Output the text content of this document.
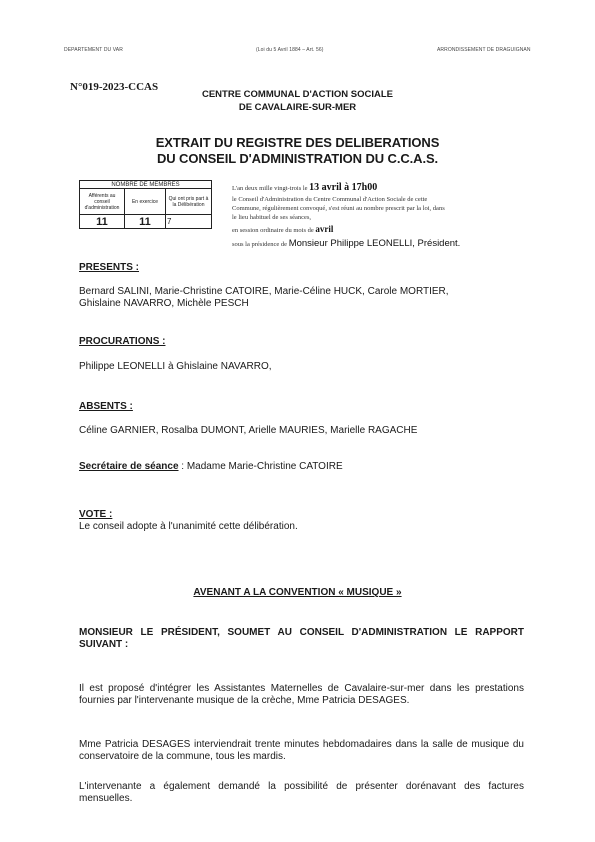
DEPARTEMENT DU VAR	(Loi du 5 Avril 1884 – Art. 56)	ARRONDISSEMENT DE DRAGUIGNAN
N°019-2023-CCAS
CENTRE COMMUNAL D'ACTION SOCIALE
DE CAVALAIRE-SUR-MER
EXTRAIT DU REGISTRE DES DELIBERATIONS
DU CONSEIL D'ADMINISTRATION DU C.C.A.S.
NOMBRE DE MEMBRES		
Afférents au conseil d'administration	En exercice	Qui ont pris part à la Délibération
11	11	7
L'an deux mille vingt-trois le 13 avril à 17h00
le Conseil d'Administration du Centre Communal d'Action Sociale de cette
Commune, régulièrement convoqué, s'est réuni au nombre prescrit par la loi, dans
le lieu habituel de ses séances,
en session ordinaire du mois de avril
sous la présidence de Monsieur Philippe LEONELLI, Président.
PRESENTS :
Bernard SALINI, Marie-Christine CATOIRE, Marie-Céline HUCK, Carole MORTIER,
Ghislaine NAVARRO, Michèle PESCH
PROCURATIONS :
Philippe LEONELLI à Ghislaine NAVARRO,
ABSENTS :
Céline GARNIER, Rosalba DUMONT, Arielle MAURIES, Marielle RAGACHE
Secrétaire de séance : Madame Marie-Christine CATOIRE
VOTE :
Le conseil adopte à l'unanimité cette délibération.
AVENANT A LA CONVENTION « MUSIQUE »
MONSIEUR LE PRÉSIDENT, SOUMET AU CONSEIL D'ADMINISTRATION LE RAPPORT SUIVANT :
Il est proposé d'intégrer les Assistantes Maternelles de Cavalaire-sur-mer dans les prestations fournies par l'intervenante musique de la crèche, Mme Patricia DESAGES.
Mme Patricia DESAGES interviendrait trente minutes hebdomadaires dans la salle de musique du conservatoire de la commune, tous les mardis.
L'intervenante a également demandé la possibilité de présenter dorénavant des factures mensuelles.
